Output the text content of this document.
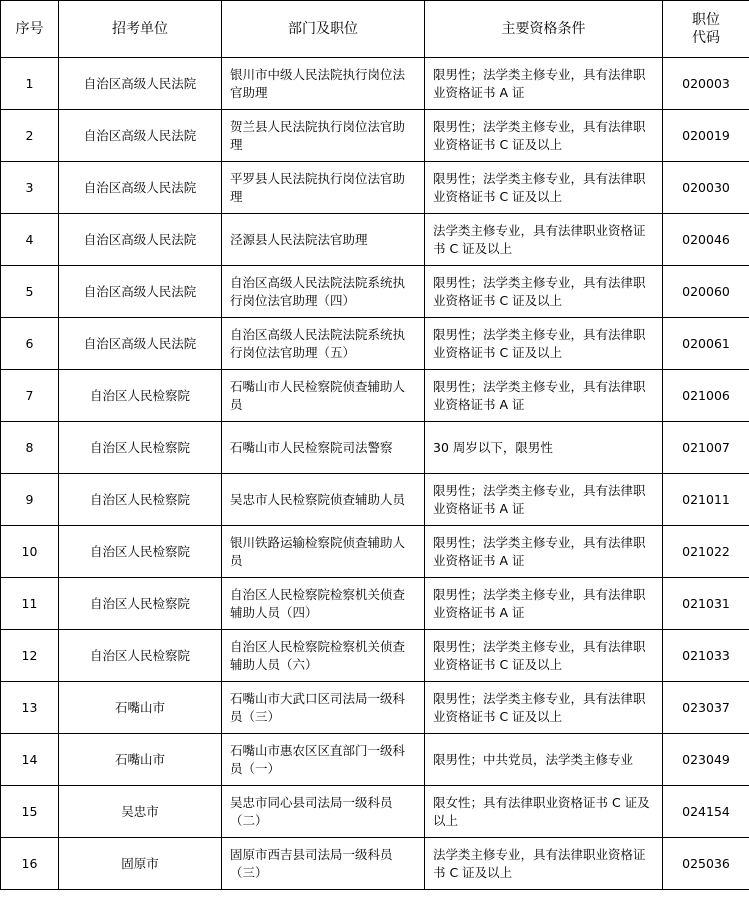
序号	招考单位	部门及职位	主要资格条件	职位
代码

1	自治区高级人民法院	银川市中级人民法院执行岗位法官助理	限男性；法学类主修专业，具有法律职业资格证书 A 证	020003

2	自治区高级人民法院	贺兰县人民法院执行岗位法官助理	限男性；法学类主修专业，具有法律职业资格证书 C 证及以上	020019

3	自治区高级人民法院	平罗县人民法院执行岗位法官助理	限男性；法学类主修专业，具有法律职业资格证书 C 证及以上	020030

4	自治区高级人民法院	泾源县人民法院法官助理	法学类主修专业，具有法律职业资格证书 C 证及以上	020046

5	自治区高级人民法院	自治区高级人民法院法院系统执行岗位法官助理（四）	限男性；法学类主修专业，具有法律职业资格证书 C 证及以上	020060

6	自治区高级人民法院	自治区高级人民法院法院系统执行岗位法官助理（五）	限男性；法学类主修专业，具有法律职业资格证书 C 证及以上	020061

7	自治区人民检察院	石嘴山市人民检察院侦查辅助人员	限男性；法学类主修专业，具有法律职业资格证书 A 证	021006

8	自治区人民检察院	石嘴山市人民检察院司法警察	30 周岁以下，限男性	021007

9	自治区人民检察院	吴忠市人民检察院侦查辅助人员	限男性；法学类主修专业，具有法律职业资格证书 A 证	021011

10	自治区人民检察院	银川铁路运输检察院侦查辅助人员	限男性；法学类主修专业，具有法律职业资格证书 A 证	021022

11	自治区人民检察院	自治区人民检察院检察机关侦查辅助人员（四）	限男性；法学类主修专业，具有法律职业资格证书 A 证	021031

12	自治区人民检察院	自治区人民检察院检察机关侦查辅助人员（六）	限男性；法学类主修专业，具有法律职业资格证书 C 证及以上	021033

13	石嘴山市	石嘴山市大武口区司法局一级科员（三）	限男性；法学类主修专业，具有法律职业资格证书 C 证及以上	023037

14	石嘴山市	石嘴山市惠农区区直部门一级科员（一）	限男性；中共党员，法学类主修专业	023049

15	吴忠市	吴忠市同心县司法局一级科员（二）	限女性；具有法律职业资格证书 C 证及以上	024154

16	固原市	固原市西吉县司法局一级科员（三）	法学类主修专业，具有法律职业资格证书 C 证及以上	025036
